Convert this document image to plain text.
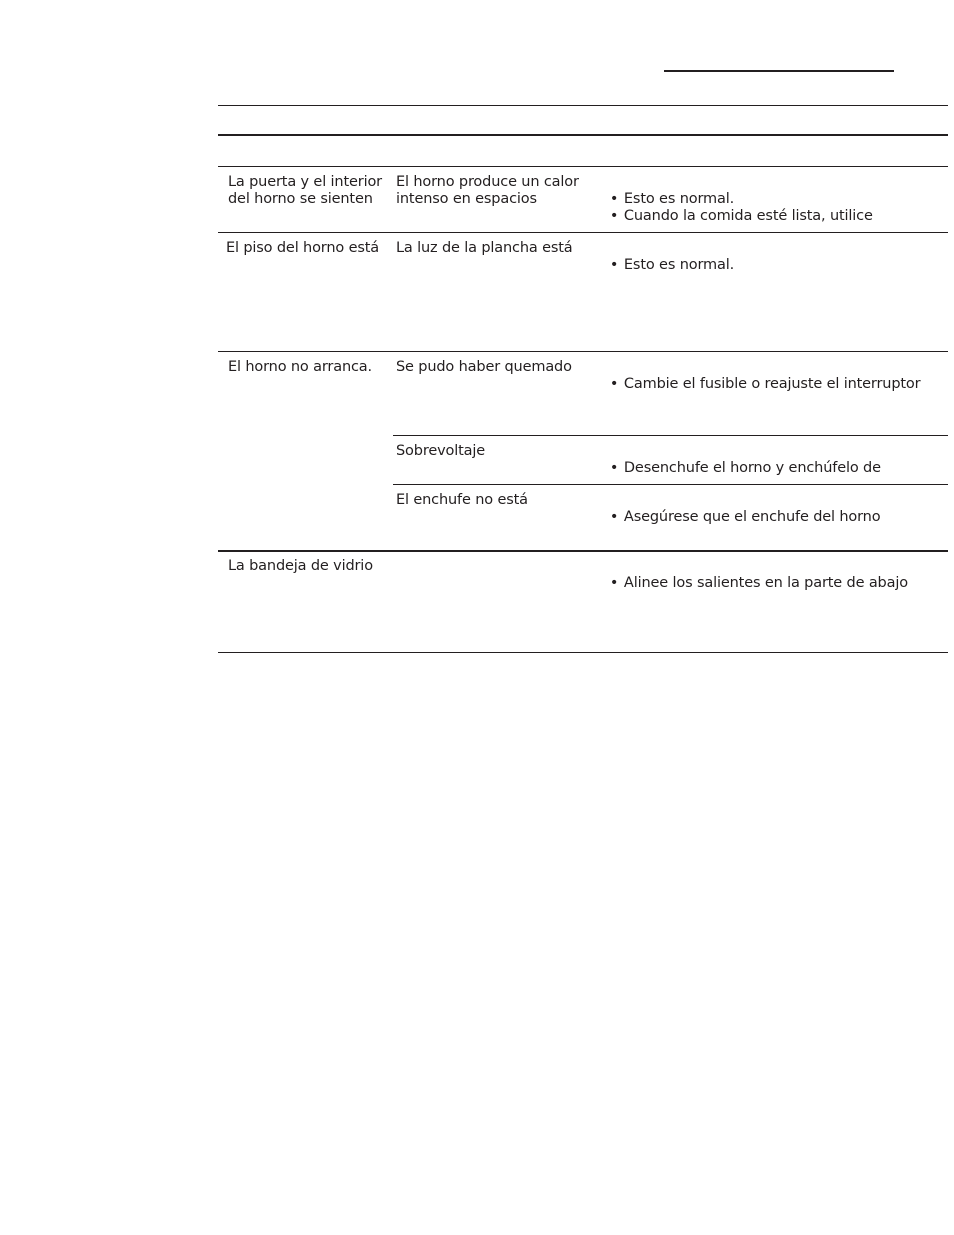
La puerta y el interior
del horno se sienten
El horno produce un calor
intenso en espacios	• Esto es normal.

• Cuando la comida esté lista, utilice

El piso del horno está La luz de la plancha está

• Esto es normal.

El horno no arranca. Se pudo haber quemado

• Cambie el fusible o reajuste el interruptor

Sobrevoltaje

• Desenchufe el horno y enchúfelo de

El enchufe no está

• Asegúrese que el enchufe del horno

La bandeja de vidrio

• Alinee los salientes en la parte de abajo
